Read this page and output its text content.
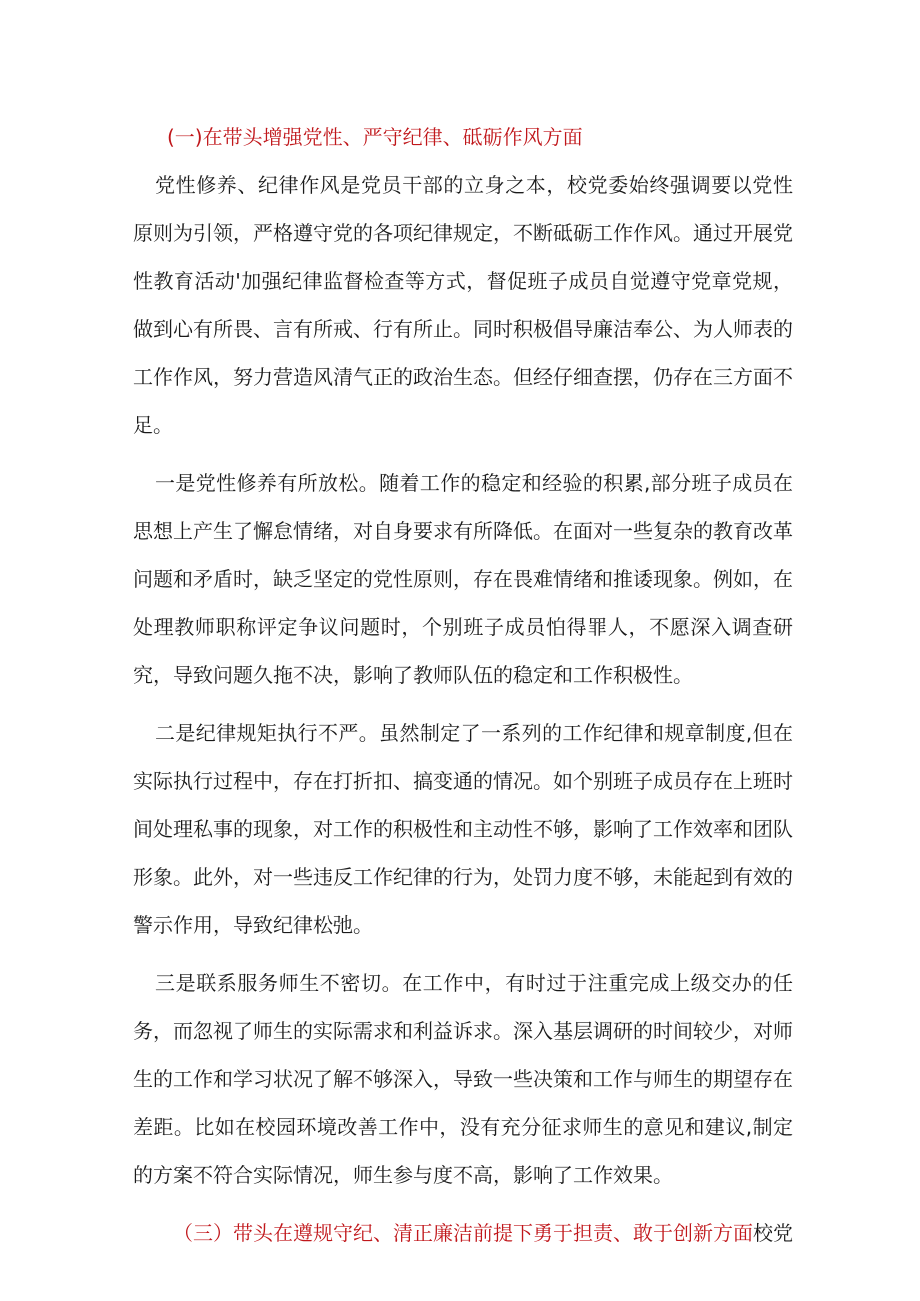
(一)在带头增强党性、严守纪律、砥砺作风方面

党性修养、纪律作风是党员干部的立身之本，校党委始终强调要以党性原则为引领，严格遵守党的各项纪律规定，不断砥砺工作作风。通过开展党性教育活动'加强纪律监督检查等方式，督促班子成员自觉遵守党章党规，做到心有所畏、言有所戒、行有所止。同时积极倡导廉洁奉公、为人师表的工作作风，努力营造风清气正的政治生态。但经仔细查摆，仍存在三方面不足。

一是党性修养有所放松。随着工作的稳定和经验的积累,部分班子成员在思想上产生了懈怠情绪，对自身要求有所降低。在面对一些复杂的教育改革问题和矛盾时，缺乏坚定的党性原则，存在畏难情绪和推诿现象。例如，在处理教师职称评定争议问题时，个别班子成员怕得罪人，不愿深入调查研究，导致问题久拖不决，影响了教师队伍的稳定和工作积极性。

二是纪律规矩执行不严。虽然制定了一系列的工作纪律和规章制度,但在实际执行过程中，存在打折扣、搞变通的情况。如个别班子成员存在上班时间处理私事的现象，对工作的积极性和主动性不够，影响了工作效率和团队形象。此外，对一些违反工作纪律的行为，处罚力度不够，未能起到有效的警示作用，导致纪律松弛。

三是联系服务师生不密切。在工作中，有时过于注重完成上级交办的任务，而忽视了师生的实际需求和利益诉求。深入基层调研的时间较少，对师生的工作和学习状况了解不够深入，导致一些决策和工作与师生的期望存在差距。比如在校园环境改善工作中，没有充分征求师生的意见和建议,制定的方案不符合实际情况，师生参与度不高，影响了工作效果。

（三）带头在遵规守纪、清正廉洁前提下勇于担责、敢于创新方面校党
